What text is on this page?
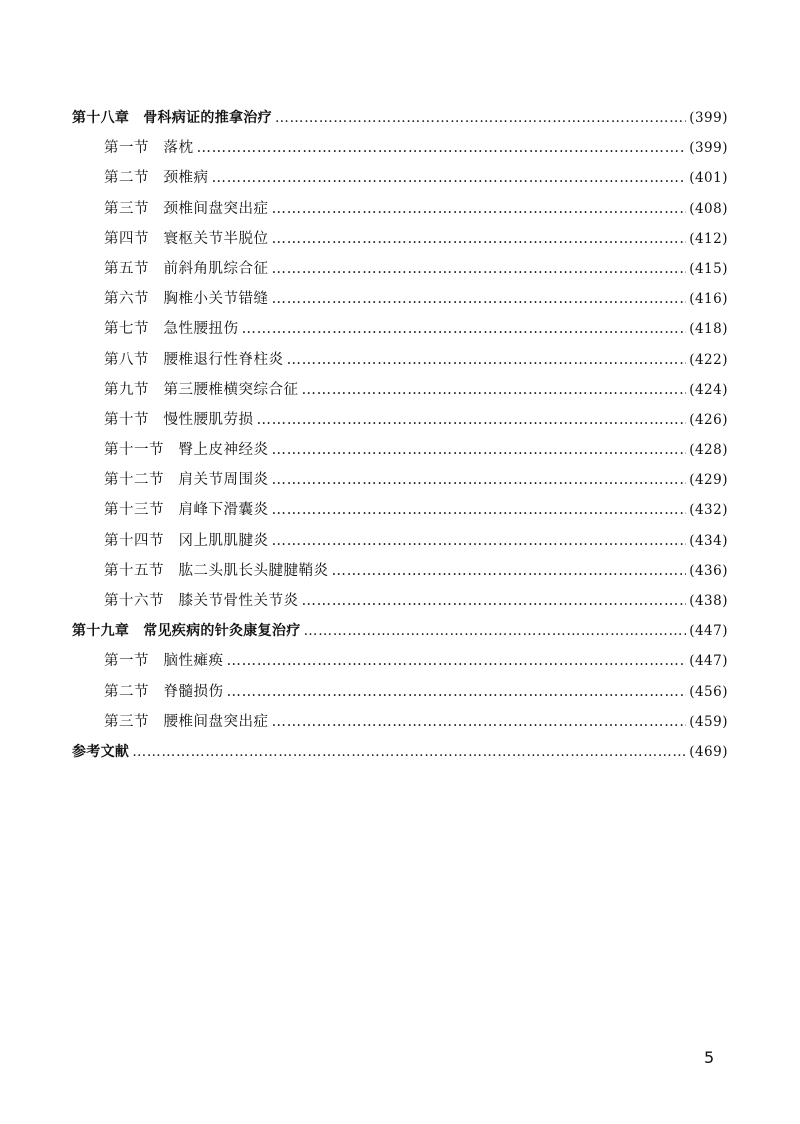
第十八章 骨科病证的推拿治疗 …………………………………………………………………………………………………………………………………………………………………………………………	(399)
第一节 落枕 …………………………………………………………………………………………………………………………………………………………………………………………	(399)
第二节 颈椎病 …………………………………………………………………………………………………………………………………………………………………………………………	(401)
第三节 颈椎间盘突出症 …………………………………………………………………………………………………………………………………………………………………………………………	(408)
第四节 寰枢关节半脱位 …………………………………………………………………………………………………………………………………………………………………………………………	(412)
第五节 前斜角肌综合征 …………………………………………………………………………………………………………………………………………………………………………………………	(415)
第六节 胸椎小关节错缝 …………………………………………………………………………………………………………………………………………………………………………………………	(416)
第七节 急性腰扭伤 …………………………………………………………………………………………………………………………………………………………………………………………	(418)
第八节 腰椎退行性脊柱炎 …………………………………………………………………………………………………………………………………………………………………………………………	(422)
第九节 第三腰椎横突综合征 …………………………………………………………………………………………………………………………………………………………………………………………	(424)
第十节 慢性腰肌劳损 …………………………………………………………………………………………………………………………………………………………………………………………	(426)
第十一节 臀上皮神经炎 …………………………………………………………………………………………………………………………………………………………………………………………	(428)
第十二节 肩关节周围炎 …………………………………………………………………………………………………………………………………………………………………………………………	(429)
第十三节 肩峰下滑囊炎 …………………………………………………………………………………………………………………………………………………………………………………………	(432)
第十四节 冈上肌肌腱炎 …………………………………………………………………………………………………………………………………………………………………………………………	(434)
第十五节 肱二头肌长头腱腱鞘炎 …………………………………………………………………………………………………………………………………………………………………………………………	(436)
第十六节 膝关节骨性关节炎 …………………………………………………………………………………………………………………………………………………………………………………………	(438)
第十九章 常见疾病的针灸康复治疗 …………………………………………………………………………………………………………………………………………………………………………………………	(447)
第一节 脑性瘫痪 …………………………………………………………………………………………………………………………………………………………………………………………	(447)
第二节 脊髓损伤 …………………………………………………………………………………………………………………………………………………………………………………………	(456)
第三节 腰椎间盘突出症 …………………………………………………………………………………………………………………………………………………………………………………………	(459)
参考文献 …………………………………………………………………………………………………………………………………………………………………………………………	(469)
5
